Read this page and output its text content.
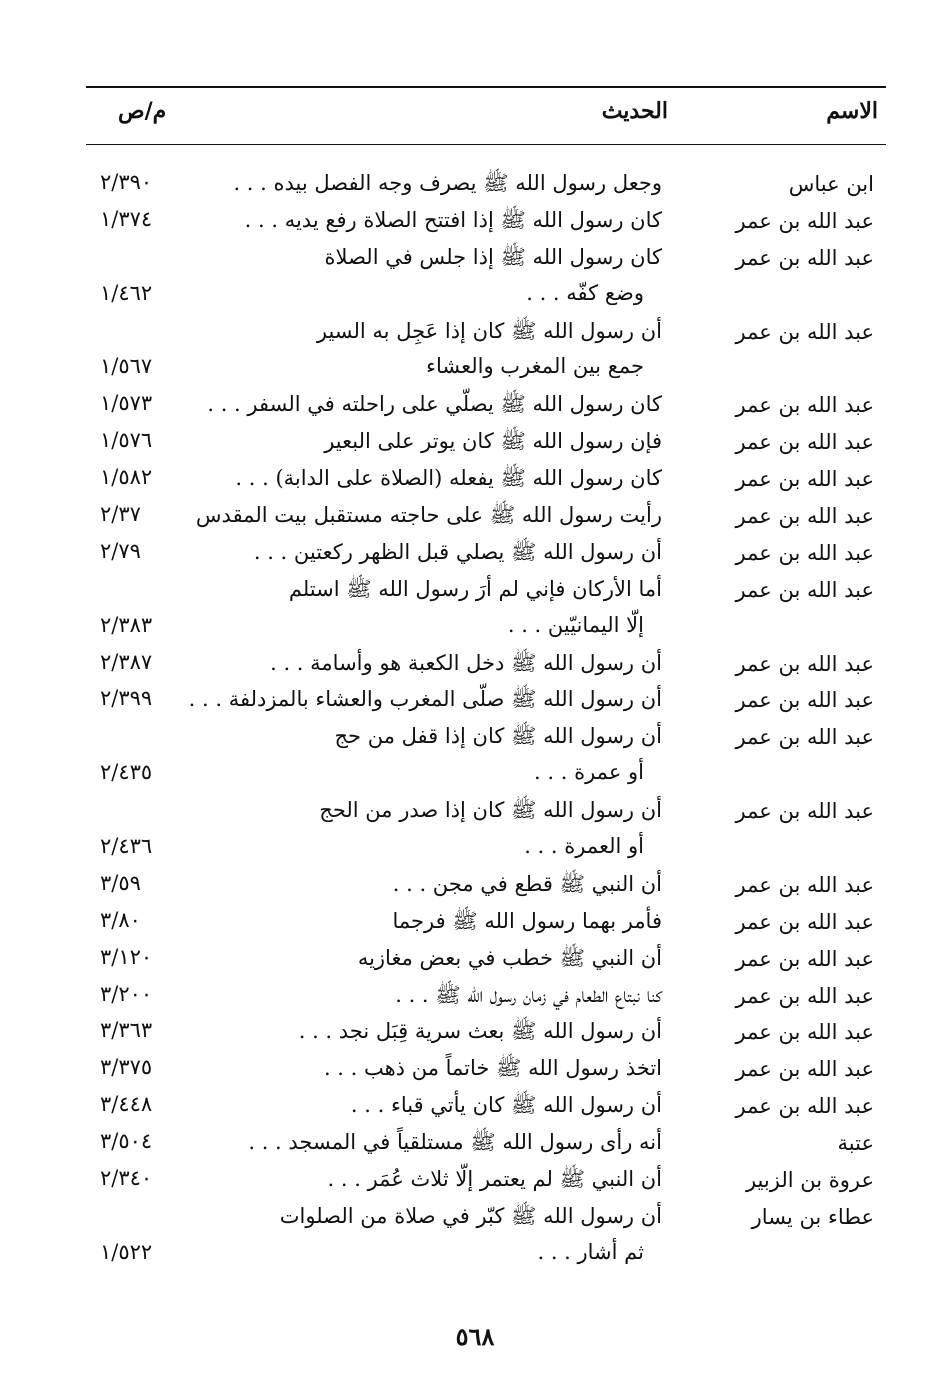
الاسم
الحديث
م/ص
ابن عباس
وجعل رسول الله ﷺ يصرف وجه الفصل بيده . . .
٢/٣٩٠
عبد الله بن عمر
كان رسول الله ﷺ إذا افتتح الصلاة رفع يديه . . .
١/٣٧٤
عبد الله بن عمر
كان رسول الله ﷺ إذا جلس في الصلاة
وضع كفّه . . .
١/٤٦٢
عبد الله بن عمر
أن رسول الله ﷺ كان إذا عَجِل به السير
جمع بين المغرب والعشاء
١/٥٦٧
عبد الله بن عمر
كان رسول الله ﷺ يصلّي على راحلته في السفر . . .
١/٥٧٣
عبد الله بن عمر
فإن رسول الله ﷺ كان يوتر على البعير
١/٥٧٦
عبد الله بن عمر
كان رسول الله ﷺ يفعله (الصلاة على الدابة) . . .
١/٥٨٢
عبد الله بن عمر
رأيت رسول الله ﷺ على حاجته مستقبل بيت المقدس
٢/٣٧
عبد الله بن عمر
أن رسول الله ﷺ يصلي قبل الظهر ركعتين . . .
٢/٧٩
عبد الله بن عمر
أما الأركان فإني لم أرَ رسول الله ﷺ استلم
إلّا اليمانيّين . . .
٢/٣٨٣
عبد الله بن عمر
أن رسول الله ﷺ دخل الكعبة هو وأسامة . . .
٢/٣٨٧
عبد الله بن عمر
أن رسول الله ﷺ صلّى المغرب والعشاء بالمزدلفة . . .
٢/٣٩٩
عبد الله بن عمر
أن رسول الله ﷺ كان إذا قفل من حج
أو عمرة . . .
٢/٤٣٥
عبد الله بن عمر
أن رسول الله ﷺ كان إذا صدر من الحج
أو العمرة . . .
٢/٤٣٦
عبد الله بن عمر
أن النبي ﷺ قطع في مجن . . .
٣/٥٩
عبد الله بن عمر
فأمر بهما رسول الله ﷺ فرجما
٣/٨٠
عبد الله بن عمر
أن النبي ﷺ خطب في بعض مغازيه
٣/١٢٠
عبد الله بن عمر
كنا نبتاع الطعام في زمان رسول الله ﷺ . . .
٣/٢٠٠
عبد الله بن عمر
أن رسول الله ﷺ بعث سرية قِبَل نجد . . .
٣/٣٦٣
عبد الله بن عمر
اتخذ رسول الله ﷺ خاتماً من ذهب . . .
٣/٣٧٥
عبد الله بن عمر
أن رسول الله ﷺ كان يأتي قباء . . .
٣/٤٤٨
عتبة
أنه رأى رسول الله ﷺ مستلقياً في المسجد . . .
٣/٥٠٤
عروة بن الزبير
أن النبي ﷺ لم يعتمر إلّا ثلاث عُمَر . . .
٢/٣٤٠
عطاء بن يسار
أن رسول الله ﷺ كبّر في صلاة من الصلوات
ثم أشار . . .
١/٥٢٢
٥٦٨
